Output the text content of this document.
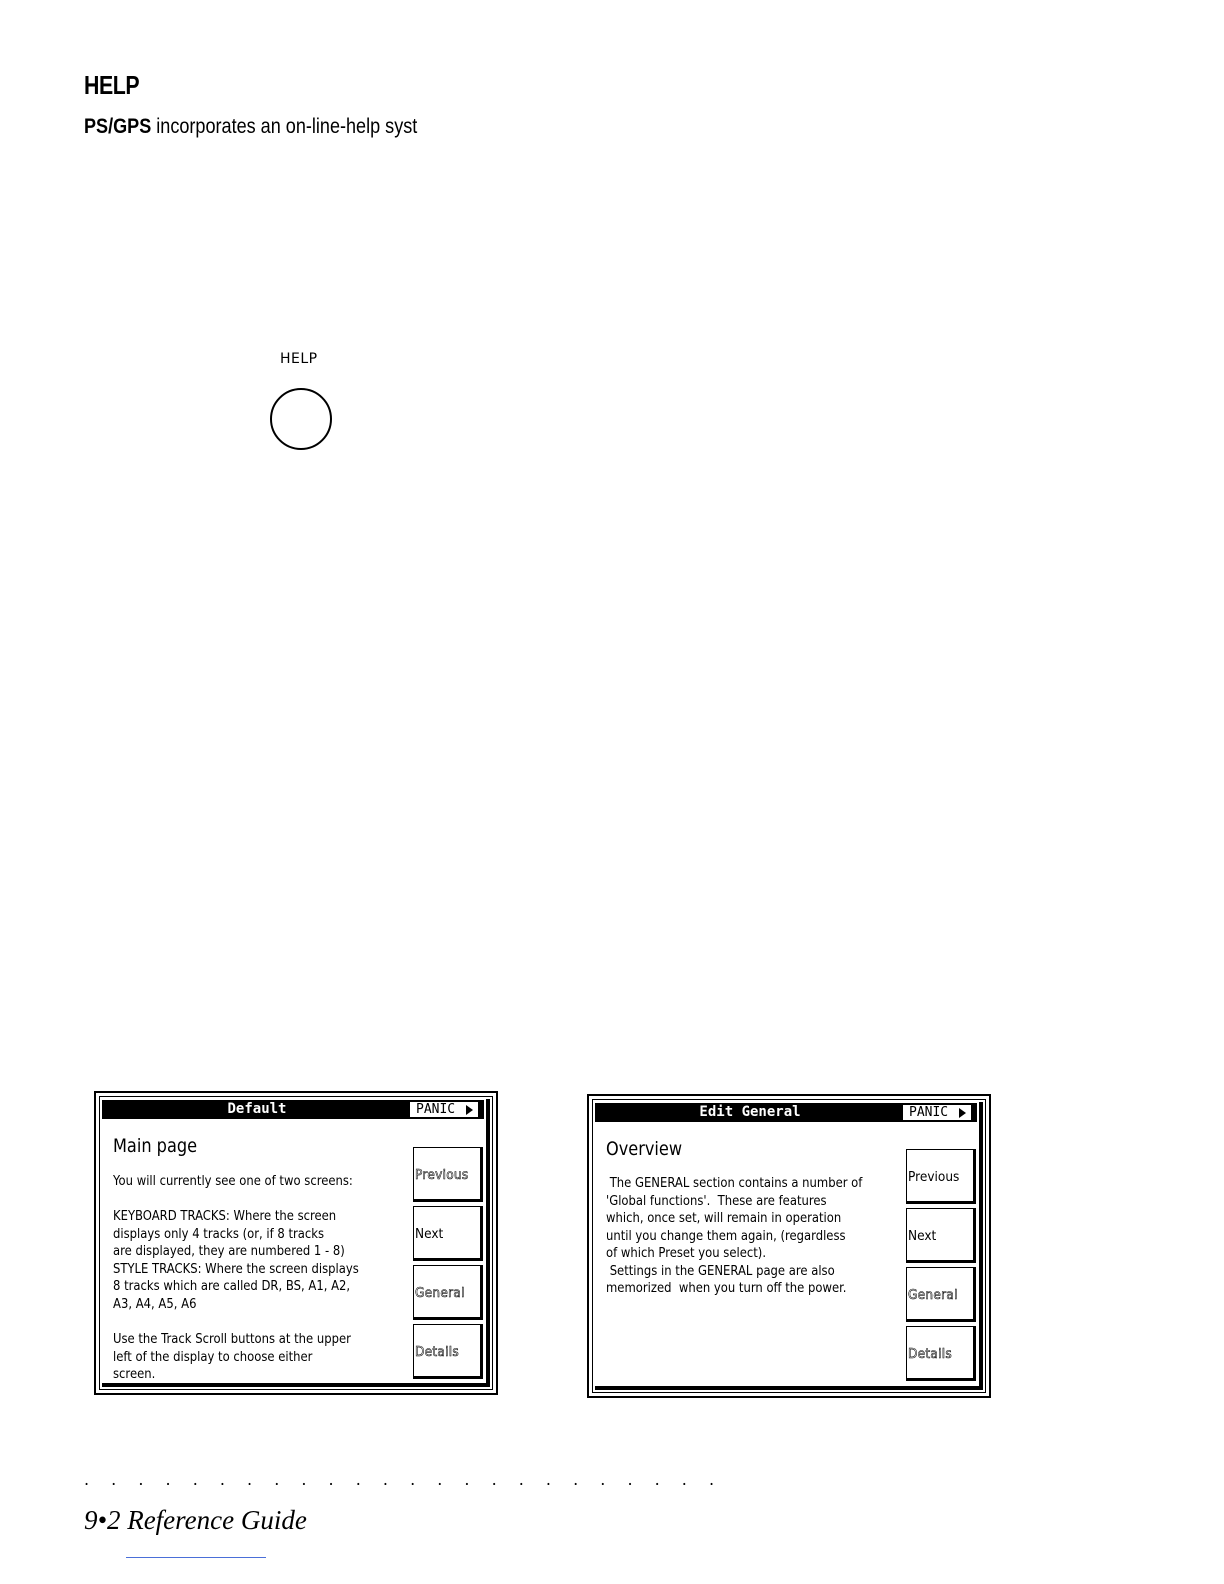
HELP
PS/GPS incorporates an on-line-help syst
HELP
Default	PANIC
Main page
You will currently see one of two screens:
KEYBOARD TRACKS: Where the screen
displays only 4 tracks (or, if 8 tracks
are displayed, they are numbered 1 - 8)
STYLE TRACKS: Where the screen displays
8 tracks which are called DR, BS, A1, A2,
A3, A4, A5, A6
Use the Track Scroll buttons at the upper
left of the display to choose either
screen.
Previous
Next
General
Details
Edit General	PANIC
Overview
The GENERAL section contains a number of
'Global functions'.  These are features
which, once set, will remain in operation
until you change them again, (regardless
of which Preset you select).
Settings in the GENERAL page are also
memorized  when you turn off the power.
Previous
Next
General
Details
. . . . . . . . . . . . . . . . . . . . . . . .
9•2 Reference Guide
